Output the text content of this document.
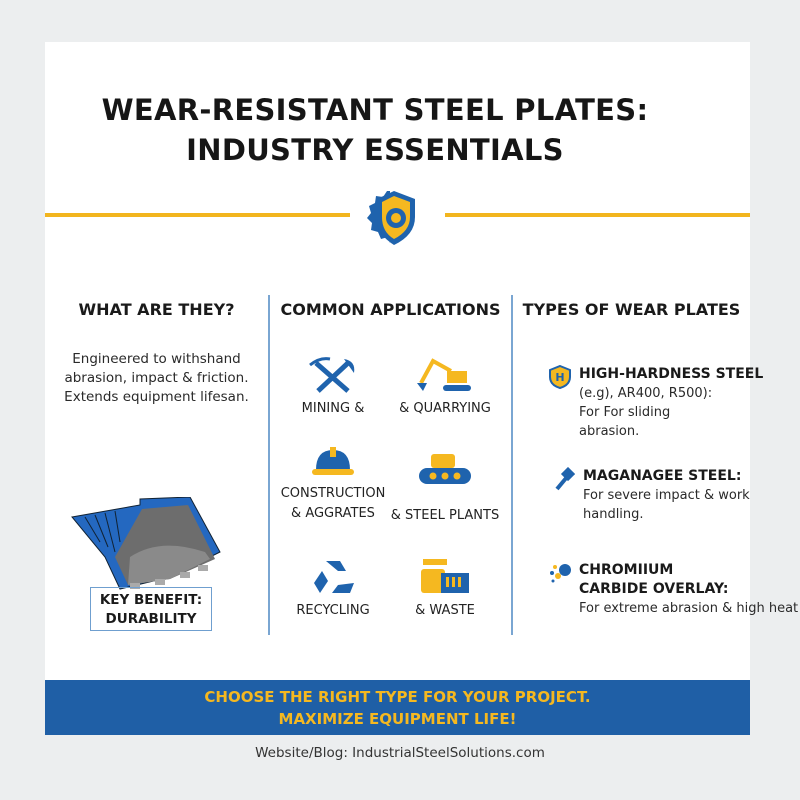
WEAR-RESISTANT STEEL PLATES:
INDUSTRY ESSENTIALS
WHAT ARE THEY?
Engineered to withshand
abrasion, impact & friction.
Extends equipment lifesan.
KEY BENEFIT:
DURABILITY
COMMON APPLICATIONS
MINING &	& QUARRYING
CONSTRUCTION
& AGGRATES	& STEEL PLANTS
RECYCLING	& WASTE
TYPES OF WEAR PLATES
H HIGH-HARDNESS STEEL
(e.g), AR400, R500): For For sliding abrasion.
MAGANAGEE STEEL:
For severe impact & work handling.
CHROMIIUM CARBIDE OVERLAY:
For extreme abrasion & high heat
CHOOSE THE RIGHT TYPE FOR YOUR PROJECT.
MAXIMIZE EQUIPMENT LIFE!
Website/Blog: IndustrialSteelSolutions.com
